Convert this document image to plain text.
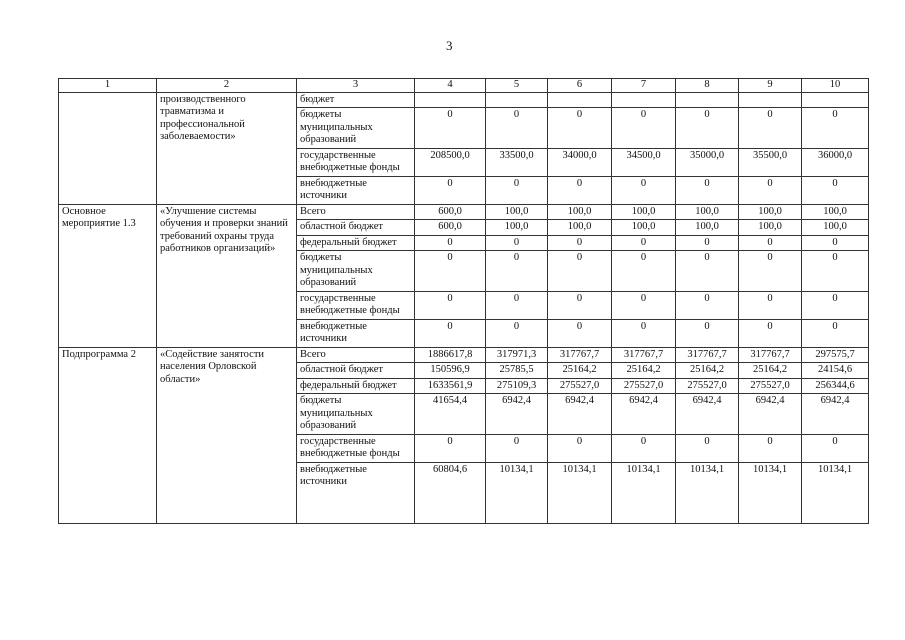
3
1	2	3	4	5	6	7	8	9	10
	производственного травматизма и профессиональной заболеваемости»	бюджет							
		бюджеты муниципальных образований	0	0	0	0	0	0	0
		государственные внебюджетные фонды	208500,0	33500,0	34000,0	34500,0	35000,0	35500,0	36000,0
		внебюджетные источники	0	0	0	0	0	0	0
Основное мероприятие 1.3	«Улучшение системы обучения и проверки знаний требований охраны труда работников организаций»	Всего	600,0	100,0	100,0	100,0	100,0	100,0	100,0
		областной бюджет	600,0	100,0	100,0	100,0	100,0	100,0	100,0
		федеральный бюджет	0	0	0	0	0	0	0
		бюджеты муниципальных образований	0	0	0	0	0	0	0
		государственные внебюджетные фонды	0	0	0	0	0	0	0
		внебюджетные источники	0	0	0	0	0	0	0
Подпрограмма 2	«Содействие занятости населения Орловской области»	Всего	1886617,8	317971,3	317767,7	317767,7	317767,7	317767,7	297575,7
		областной бюджет	150596,9	25785,5	25164,2	25164,2	25164,2	25164,2	24154,6
		федеральный бюджет	1633561,9	275109,3	275527,0	275527,0	275527,0	275527,0	256344,6
		бюджеты муниципальных образований	41654,4	6942,4	6942,4	6942,4	6942,4	6942,4	6942,4
		государственные внебюджетные фонды	0	0	0	0	0	0	0
		внебюджетные источники	60804,6	10134,1	10134,1	10134,1	10134,1	10134,1	10134,1
